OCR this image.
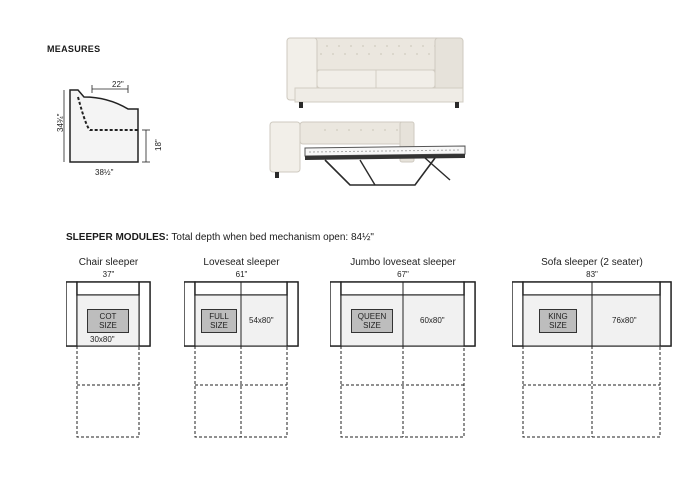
MEASURES
22"
34¾"
18"
38½"
SLEEPER MODULES: Total depth when bed mechanism open: 84½"
Chair sleeper
37"
COT
SIZE
30x80"
Loveseat sleeper
61"
FULL
SIZE
54x80"
Jumbo loveseat sleeper
67"
QUEEN
SIZE
60x80"
Sofa sleeper (2 seater)
83"
KING
SIZE
76x80"
